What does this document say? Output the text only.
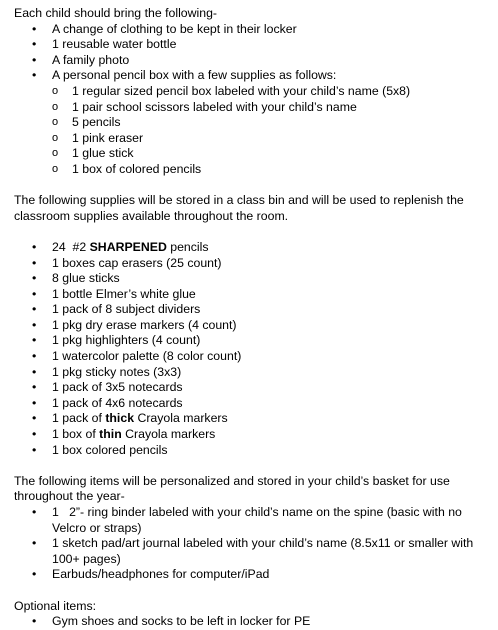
Each child should bring the following-

• A change of clothing to be kept in their locker
• 1 reusable water bottle
• A family photo
• A personal pencil box with a few supplies as follows:
o 1 regular sized pencil box labeled with your child’s name (5x8)
o 1 pair school scissors labeled with your child’s name
o 5 pencils
o 1 pink eraser
o 1 glue stick
o 1 box of colored pencils

The following supplies will be stored in a class bin and will be used to replenish the classroom supplies available throughout the room.

• 24  #2 SHARPENED pencils
• 1 boxes cap erasers (25 count)
• 8 glue sticks
• 1 bottle Elmer’s white glue
• 1 pack of 8 subject dividers
• 1 pkg dry erase markers (4 count)
• 1 pkg highlighters (4 count)
• 1 watercolor palette (8 color count)
• 1 pkg sticky notes (3x3)
• 1 pack of 3x5 notecards
• 1 pack of 4x6 notecards
• 1 pack of thick Crayola markers
• 1 box of thin Crayola markers
• 1 box colored pencils

The following items will be personalized and stored in your child’s basket for use throughout the year-

• 1   2”- ring binder labeled with your child’s name on the spine (basic with no Velcro or straps)
• 1 sketch pad/art journal labeled with your child’s name (8.5x11 or smaller with 100+ pages)
• Earbuds/headphones for computer/iPad

Optional items:

• Gym shoes and socks to be left in locker for PE
